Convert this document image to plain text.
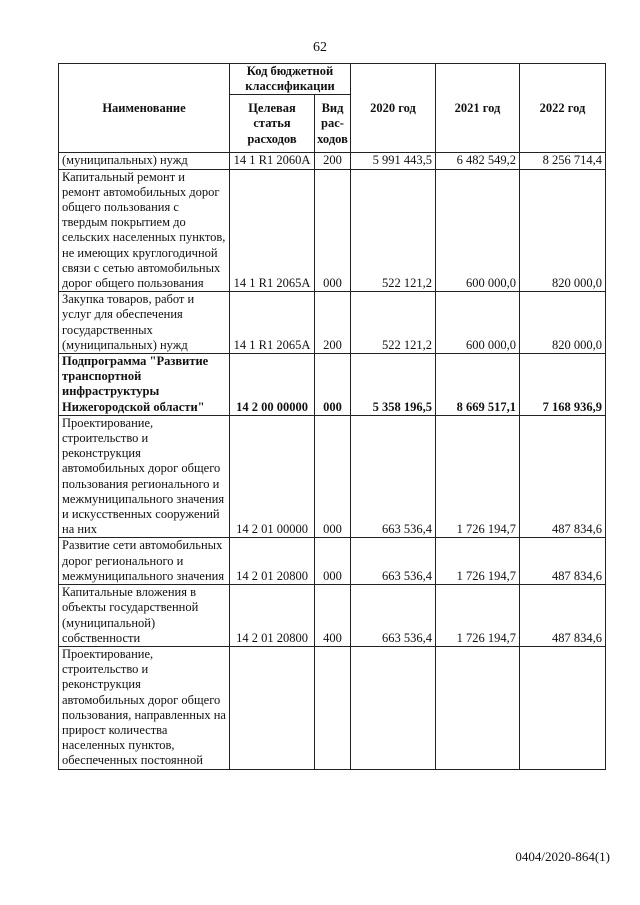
62
Наименование	Код бюджетной классификации		2020 год	2021 год	2022 год
	Целевая статья расходов	Вид рас-ходов			
(муниципальных) нужд	14 1 R1 2060A	200	5 991 443,5	6 482 549,2	8 256 714,4
Капитальный ремонт и ремонт автомобильных дорог общего пользования с твердым покрытием до сельских населенных пунктов, не имеющих круглогодичной связи с сетью автомобильных дорог общего пользования	14 1 R1 2065A	000	522 121,2	600 000,0	820 000,0
Закупка товаров, работ и услуг для обеспечения государственных (муниципальных) нужд	14 1 R1 2065A	200	522 121,2	600 000,0	820 000,0
Подпрограмма "Развитие транспортной инфраструктуры Нижегородской области"	14 2 00 00000	000	5 358 196,5	8 669 517,1	7 168 936,9
Проектирование, строительство и реконструкция автомобильных дорог общего пользования регионального и межмуниципального значения и искусственных сооружений на них	14 2 01 00000	000	663 536,4	1 726 194,7	487 834,6
Развитие сети автомобильных дорог регионального и межмуниципального значения	14 2 01 20800	000	663 536,4	1 726 194,7	487 834,6
Капитальные вложения в объекты государственной (муниципальной) собственности	14 2 01 20800	400	663 536,4	1 726 194,7	487 834,6
Проектирование, строительство и реконструкция автомобильных дорог общего пользования, направленных на прирост количества населенных пунктов, обеспеченных постоянной					
0404/2020-864(1)
